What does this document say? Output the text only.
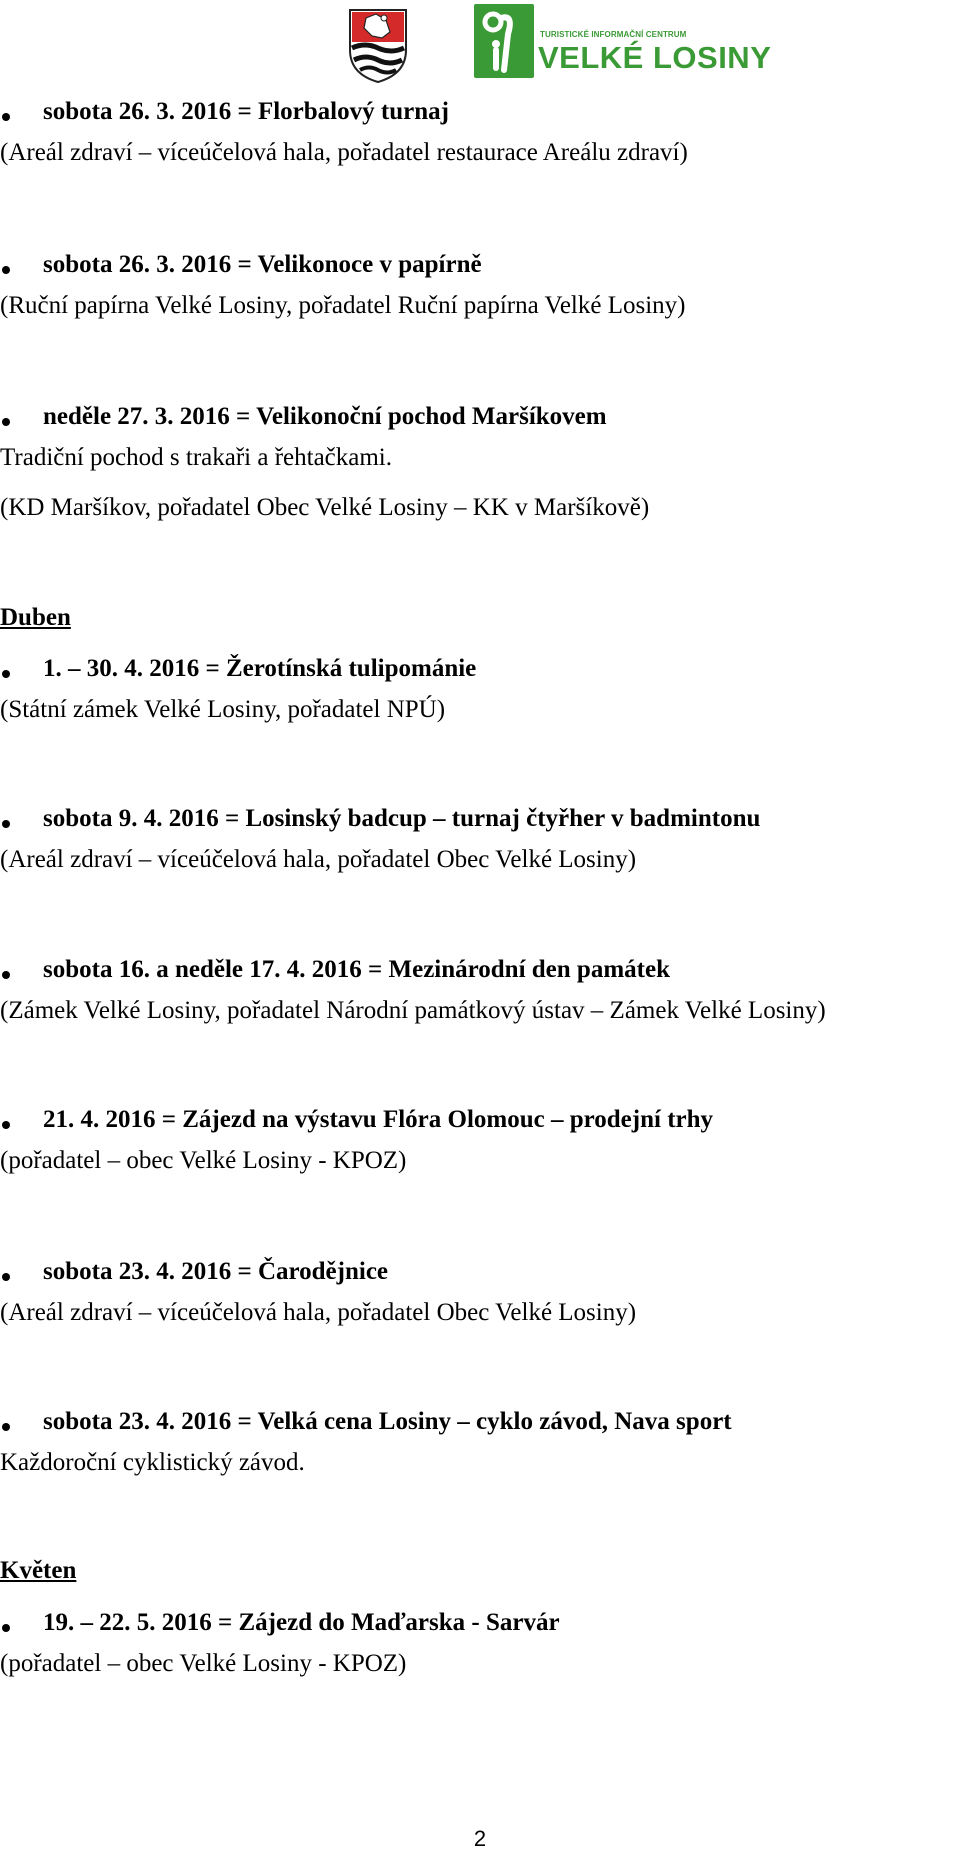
TURISTICKÉ INFORMAČNÍ CENTRUM
VELKÉ LOSINY
sobota 26. 3. 2016 = Florbalový turnaj
(Areál zdraví – víceúčelová hala, pořadatel restaurace Areálu zdraví)
sobota 26. 3. 2016 = Velikonoce v papírně
(Ruční papírna Velké Losiny, pořadatel Ruční papírna Velké Losiny)
neděle 27. 3. 2016 = Velikonoční pochod Maršíkovem
Tradiční pochod s trakaři a řehtačkami.
(KD Maršíkov, pořadatel Obec Velké Losiny – KK v Maršíkově)
Duben
1. – 30. 4. 2016 = Žerotínská tulipománie
(Státní zámek Velké Losiny, pořadatel NPÚ)
sobota 9. 4. 2016 = Losinský badcup – turnaj čtyřher v badmintonu
(Areál zdraví – víceúčelová hala, pořadatel Obec Velké Losiny)
sobota 16. a neděle 17. 4. 2016 = Mezinárodní den památek
(Zámek Velké Losiny, pořadatel Národní památkový ústav – Zámek Velké Losiny)
21. 4. 2016 = Zájezd na výstavu Flóra Olomouc – prodejní trhy
(pořadatel – obec Velké Losiny - KPOZ)
sobota 23. 4. 2016 = Čarodějnice
(Areál zdraví – víceúčelová hala, pořadatel Obec Velké Losiny)
sobota 23. 4. 2016 = Velká cena Losiny – cyklo závod, Nava sport
Každoroční cyklistický závod.
Květen
19. – 22. 5. 2016 = Zájezd do Maďarska - Sarvár
(pořadatel – obec Velké Losiny - KPOZ)
2
